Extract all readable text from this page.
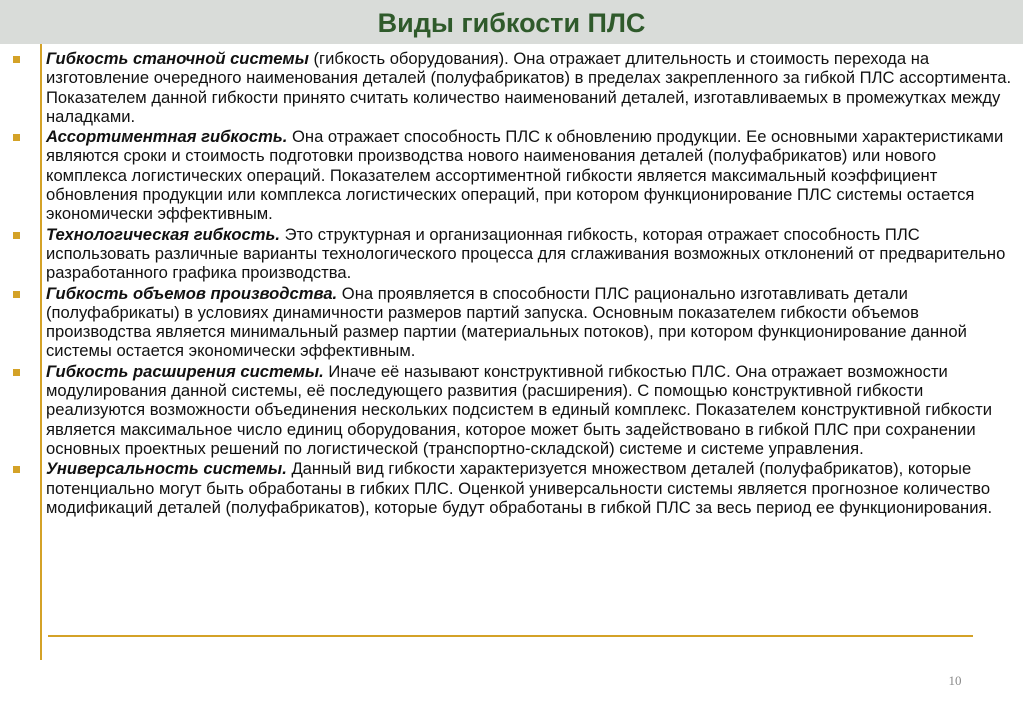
Виды гибкости ПЛС
Гибкость станочной системы (гибкость оборудования). Она отражает длительность и стоимость перехода на изготовление очередного наименования деталей (полуфабрикатов) в пределах закрепленного за гибкой ПЛС ассортимента. Показателем данной гибкости принято считать количество наименований деталей, изготавливаемых в промежутках между наладками.
Ассортиментная гибкость. Она отражает способность ПЛС к обновлению продукции. Ее основными характеристиками являются сроки и стоимость подготовки производства нового наименования деталей (полуфабрикатов) или нового комплекса логистических операций. Показателем ассортиментной гибкости является максимальный коэффициент обновления продукции или комплекса логистических операций, при котором функционирование ПЛС системы остается экономически эффективным.
Технологическая гибкость. Это структурная и организационная гибкость, которая отражает способность ПЛС использовать различные варианты технологического процесса для сглаживания возможных отклонений от предварительно разработанного графика производства.
Гибкость объемов производства. Она проявляется в способности ПЛС рационально изготавливать детали (полуфабрикаты) в условиях динамичности размеров партий запуска. Основным показателем гибкости объемов производства является минимальный размер партии (материальных потоков), при котором функционирование данной системы остается экономически эффективным.
Гибкость расширения системы. Иначе её называют конструктивной гибкостью ПЛС. Она отражает возможности модулирования данной системы, её последующего развития (расширения). С помощью конструктивной гибкости реализуются возможности объединения нескольких подсистем в единый комплекс. Показателем конструктивной гибкости является максимальное число единиц оборудования, которое может быть задействовано в гибкой ПЛС при сохранении основных проектных решений по логистической (транспортно-складской) системе и системе управления.
Универсальность системы. Данный вид гибкости характеризуется множеством деталей (полуфабрикатов), которые потенциально могут быть обработаны в гибких ПЛС. Оценкой универсальности системы является прогнозное количество модификаций деталей (полуфабрикатов), которые будут обработаны в гибкой ПЛС за весь период ее функционирования.
10
